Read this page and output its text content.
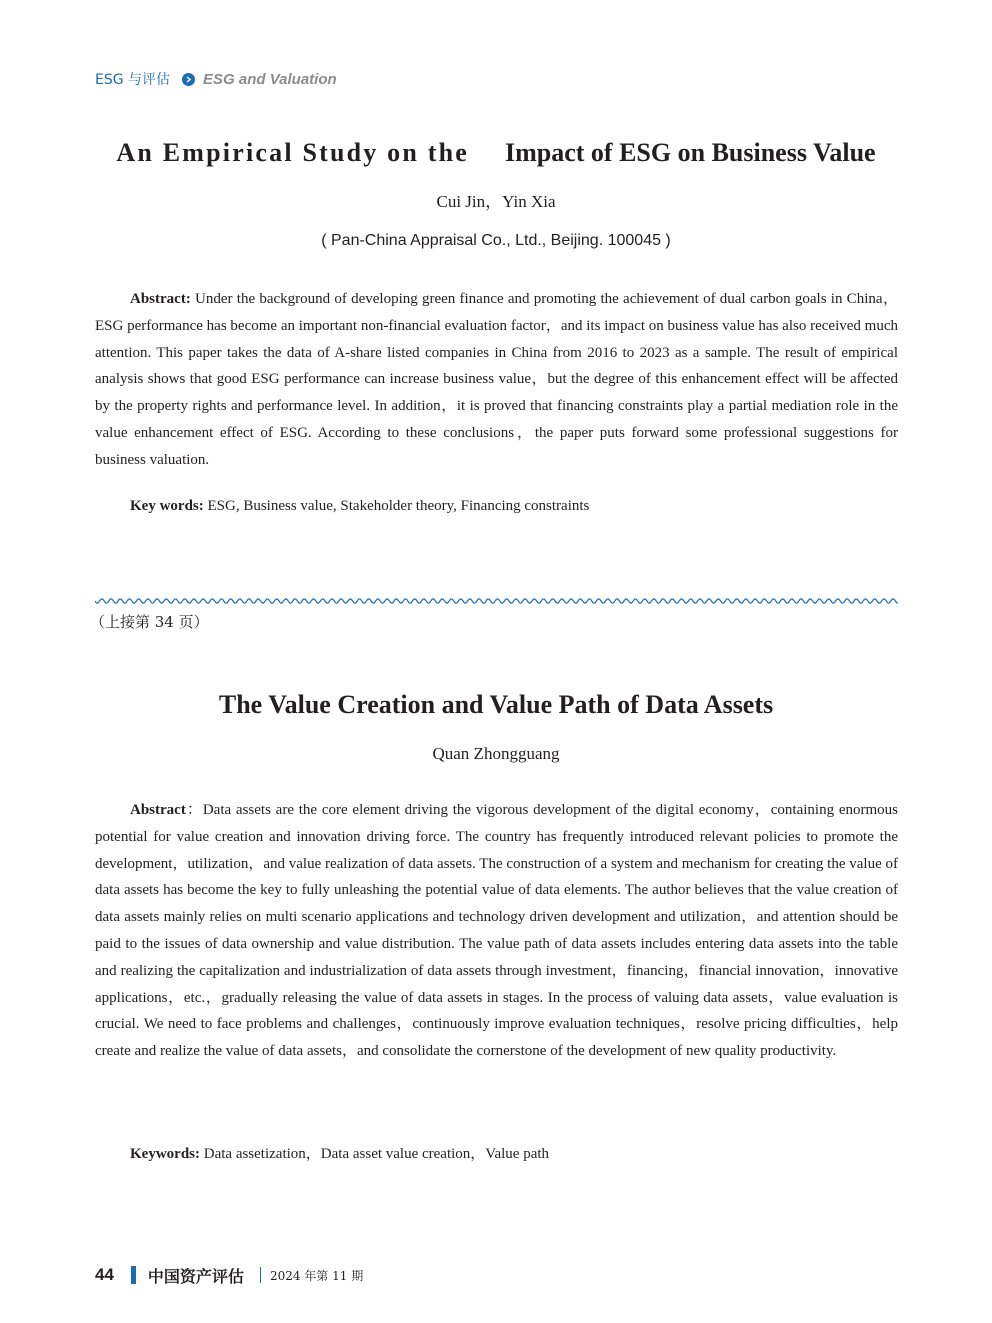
ESG 与评估 ESG and Valuation
An Empirical Study on the Impact of ESG on Business Value
Cui Jin，Yin Xia
( Pan-China Appraisal Co., Ltd., Beijing. 100045 )

Abstract: Under the background of developing green finance and promoting the achievement of dual carbon goals in China，ESG performance has become an important non-financial evaluation factor，and its impact on business value has also received much attention. This paper takes the data of A-share listed companies in China from 2016 to 2023 as a sample. The result of empirical analysis shows that good ESG performance can increase business value，but the degree of this enhancement effect will be affected by the property rights and performance level. In addition，it is proved that financing constraints play a partial mediation role in the value enhancement effect of ESG. According to these conclusions，the paper puts forward some professional suggestions for business valuation.

Key words: ESG, Business value, Stakeholder theory, Financing constraints

（上接第 34 页）
The Value Creation and Value Path of Data Assets
Quan Zhongguang

Abstract：Data assets are the core element driving the vigorous development of the digital economy，containing enormous potential for value creation and innovation driving force. The country has frequently introduced relevant policies to promote the development，utilization，and value realization of data assets. The construction of a system and mechanism for creating the value of data assets has become the key to fully unleashing the potential value of data elements. The author believes that the value creation of data assets mainly relies on multi scenario applications and technology driven development and utilization，and attention should be paid to the issues of data ownership and value distribution. The value path of data assets includes entering data assets into the table and realizing the capitalization and industrialization of data assets through investment，financing，financial innovation，innovative applications，etc.，gradually releasing the value of data assets in stages. In the process of valuing data assets，value evaluation is crucial. We need to face problems and challenges，continuously improve evaluation techniques，resolve pricing difficulties，help create and realize the value of data assets，and consolidate the cornerstone of the development of new quality productivity.

Keywords: Data assetization，Data asset value creation，Value path

44 中国资产评估 2024 年第 11 期
